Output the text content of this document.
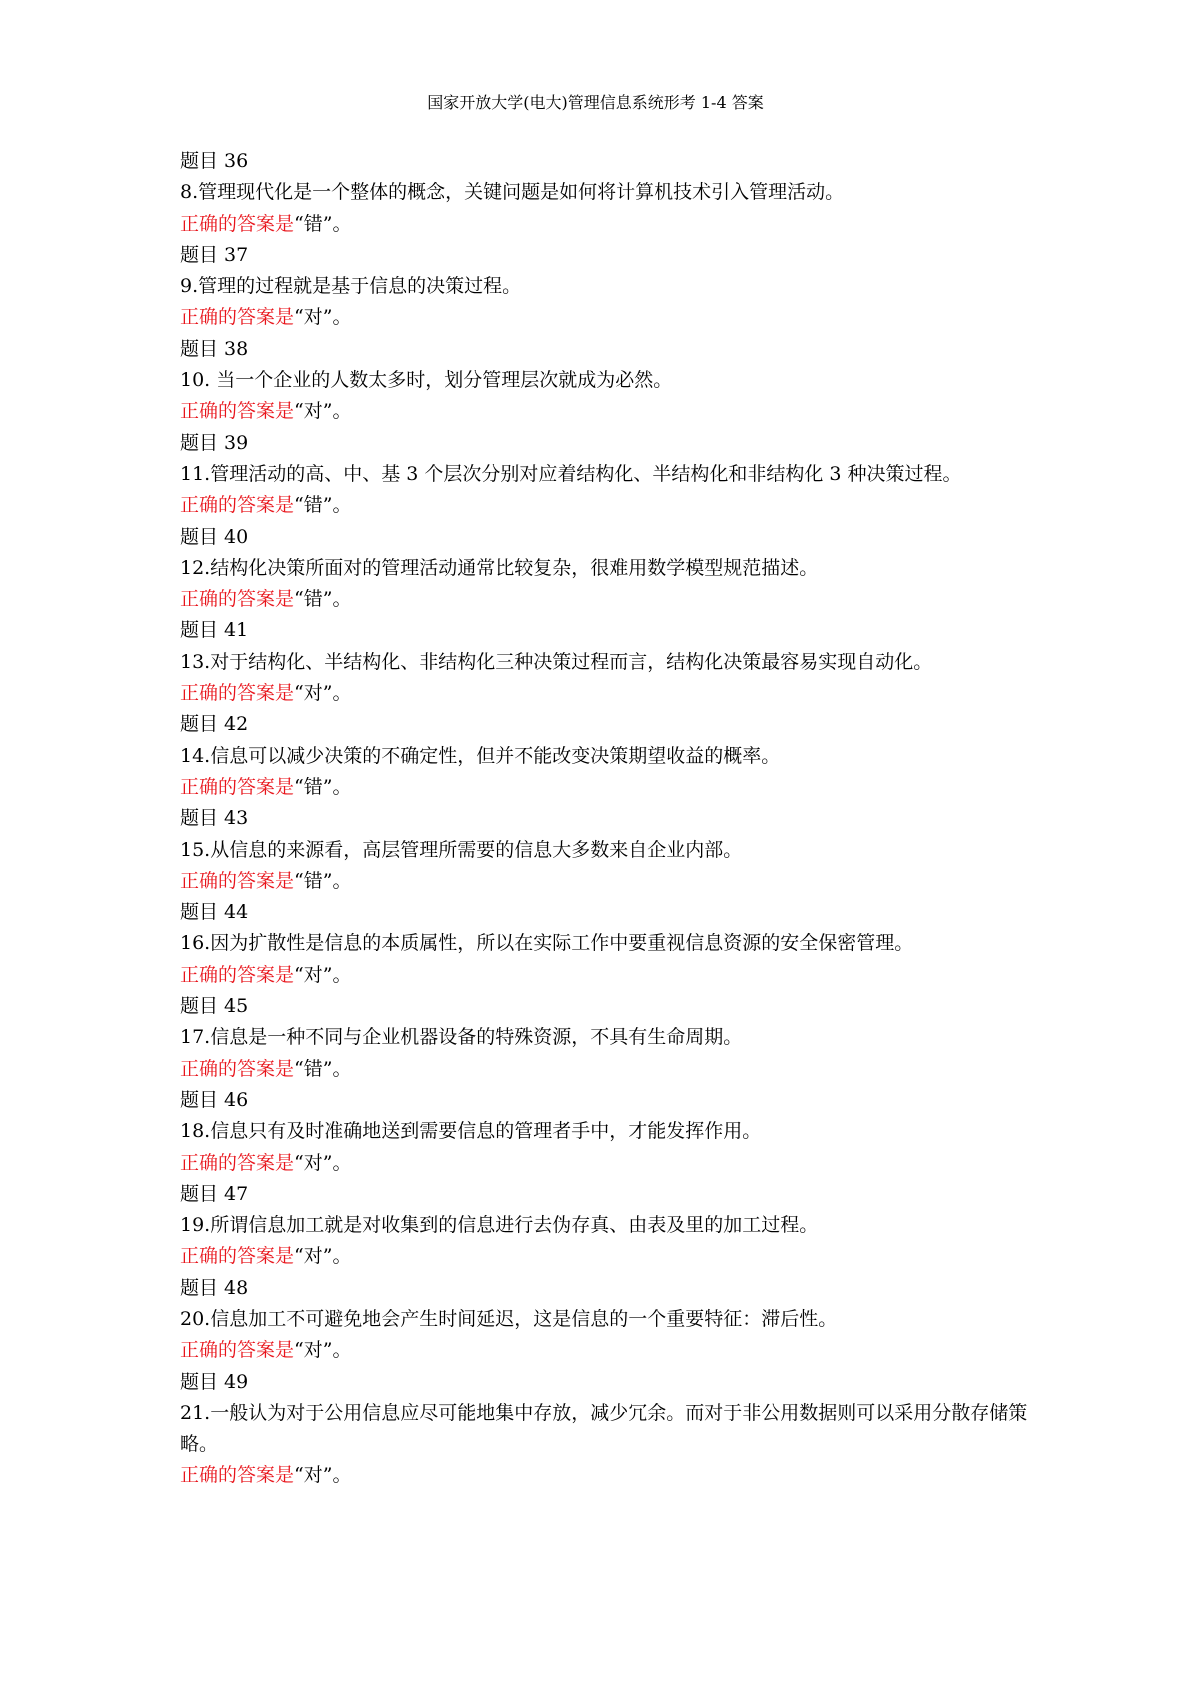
国家开放大学(电大)管理信息系统形考 1-4 答案
题目 36
8.管理现代化是一个整体的概念，关键问题是如何将计算机技术引入管理活动。
正确的答案是“错”。
题目 37
9.管理的过程就是基于信息的决策过程。
正确的答案是“对”。
题目 38
10. 当一个企业的人数太多时，划分管理层次就成为必然。
正确的答案是“对”。
题目 39
11.管理活动的高、中、基 3 个层次分别对应着结构化、半结构化和非结构化 3 种决策过程。
正确的答案是“错”。
题目 40
12.结构化决策所面对的管理活动通常比较复杂，很难用数学模型规范描述。
正确的答案是“错”。
题目 41
13.对于结构化、半结构化、非结构化三种决策过程而言，结构化决策最容易实现自动化。
正确的答案是“对”。
题目 42
14.信息可以减少决策的不确定性，但并不能改变决策期望收益的概率。
正确的答案是“错”。
题目 43
15.从信息的来源看，高层管理所需要的信息大多数来自企业内部。
正确的答案是“错”。
题目 44
16.因为扩散性是信息的本质属性，所以在实际工作中要重视信息资源的安全保密管理。
正确的答案是“对”。
题目 45
17.信息是一种不同与企业机器设备的特殊资源，不具有生命周期。
正确的答案是“错”。
题目 46
18.信息只有及时准确地送到需要信息的管理者手中，才能发挥作用。
正确的答案是“对”。
题目 47
19.所谓信息加工就是对收集到的信息进行去伪存真、由表及里的加工过程。
正确的答案是“对”。
题目 48
20.信息加工不可避免地会产生时间延迟，这是信息的一个重要特征：滞后性。
正确的答案是“对”。
题目 49
21.一般认为对于公用信息应尽可能地集中存放，减少冗余。而对于非公用数据则可以采用分散存储策略。
正确的答案是“对”。
